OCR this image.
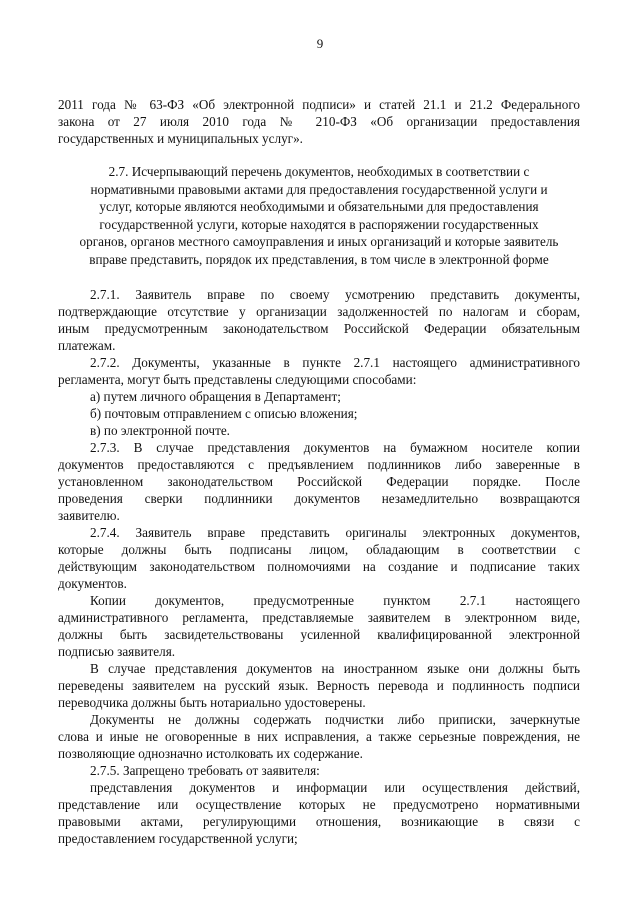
9
2011 года № 63-ФЗ «Об электронной подписи» и статей 21.1 и 21.2 Федерального
закона от 27 июля 2010 года № 210-ФЗ «Об организации предоставления
государственных и муниципальных услуг».
2.7. Исчерпывающий перечень документов, необходимых в соответствии с
нормативными правовыми актами для предоставления государственной услуги и
услуг, которые являются необходимыми и обязательными для предоставления
государственной услуги, которые находятся в распоряжении государственных
органов, органов местного самоуправления и иных организаций и которые заявитель
вправе представить, порядок их представления, в том числе в электронной форме
2.7.1. Заявитель вправе по своему усмотрению представить документы,
подтверждающие отсутствие у организации задолженностей по налогам и сборам,
иным предусмотренным законодательством Российской Федерации обязательным
платежам.
2.7.2. Документы, указанные в пункте 2.7.1 настоящего административного
регламента, могут быть представлены следующими способами:
а) путем личного обращения в Департамент;
б) почтовым отправлением с описью вложения;
в) по электронной почте.
2.7.3. В случае представления документов на бумажном носителе копии
документов предоставляются с предъявлением подлинников либо заверенные в
установленном законодательством Российской Федерации порядке. После
проведения сверки подлинники документов незамедлительно возвращаются
заявителю.
2.7.4. Заявитель вправе представить оригиналы электронных документов,
которые должны быть подписаны лицом, обладающим в соответствии с
действующим законодательством полномочиями на создание и подписание таких
документов.
Копии документов, предусмотренные пунктом 2.7.1 настоящего
административного регламента, представляемые заявителем в электронном виде,
должны быть засвидетельствованы усиленной квалифицированной электронной
подписью заявителя.
В случае представления документов на иностранном языке они должны быть
переведены заявителем на русский язык. Верность перевода и подлинность подписи
переводчика должны быть нотариально удостоверены.
Документы не должны содержать подчистки либо приписки, зачеркнутые
слова и иные не оговоренные в них исправления, а также серьезные повреждения, не
позволяющие однозначно истолковать их содержание.
2.7.5. Запрещено требовать от заявителя:
представления документов и информации или осуществления действий,
представление или осуществление которых не предусмотрено нормативными
правовыми актами, регулирующими отношения, возникающие в связи с
предоставлением государственной услуги;
